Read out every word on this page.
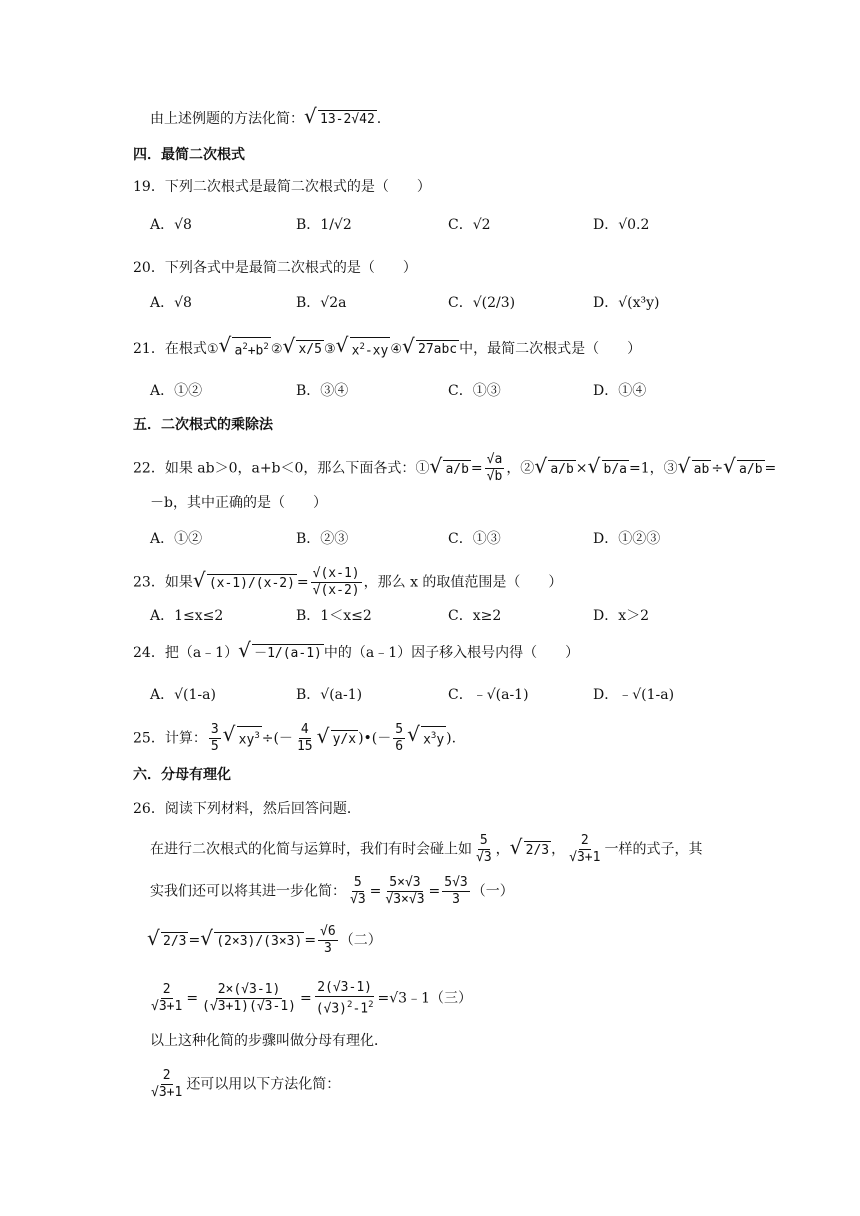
由上述例题的方法化简： √ 13-2√42 .
四．最简二次根式
19．下列二次根式是最简二次根式的是（　　）
A．√8	B．1/√2	C．√2	D．√0.2
20．下列各式中是最简二次根式的是（　　）
A．√8	B．√2a	C．√(2/3)	D．√(x³y)
21．在根式① √ $a^2+b^2$ ② √ x/5 ③ √ $x^2-xy$ ④ √ 27abc 中，最简二次根式是（　　）
A．①②	B．③④	C．①③	D．①④
五．二次根式的乘除法
22．如果 ab＞0，a+b＜0，那么下面各式：① √ $a/b = \frac{√a}{√b}$ ，② √ a/b × √ b/a =1，③ √ ab ÷ √ a/b =
－b，其中正确的是（　　）
A．①②	B．②③	C．①③	D．①②③
23．如果 √ $(x-1)/(x-2) = \frac{√(x-1)}{√(x-2)}$ ，那么 x 的取值范围是（　　）
A．1≤x≤2	B．1＜x≤2	C．x≥2	D．x＞2
24．把（a﹣1） √ －1/(a-1) 中的（a﹣1）因子移入根号内得（　　）
A．√(1-a)	B．√(a-1)	C．﹣√(a-1)	D．﹣√(1-a)
25．计算： $\frac{3}{5}$ √ $xy^3$ ÷(－ $\frac{4}{15}$ √ y/x )•(－ $\frac{5}{6}$ √ $x^3y$ ).
六．分母有理化
26．阅读下列材料，然后回答问题．
在进行二次根式的化简与运算时，我们有时会碰上如 $\frac{5}{√3}$ ， √ 2/3 ， $\frac{2}{√3+1}$ 一样的式子，其
实我们还可以将其进一步化简： $\frac{5}{√3} = \frac{5\times√3}{√3\times√3} = \frac{5√3}{3}$ （一）
√ 2/3 = √ $(2\times 3)/(3\times 3) = \frac{√6}{3}$ （二）
$\frac{2}{√3+1} = \frac{2\times(√3-1)}{(√3+1)(√3-1)} = \frac{2(√3-1)}{(√3)^2-1^2}$ =√3﹣1（三）
以上这种化简的步骤叫做分母有理化．
$\frac{2}{√3+1}$ 还可以用以下方法化简：
